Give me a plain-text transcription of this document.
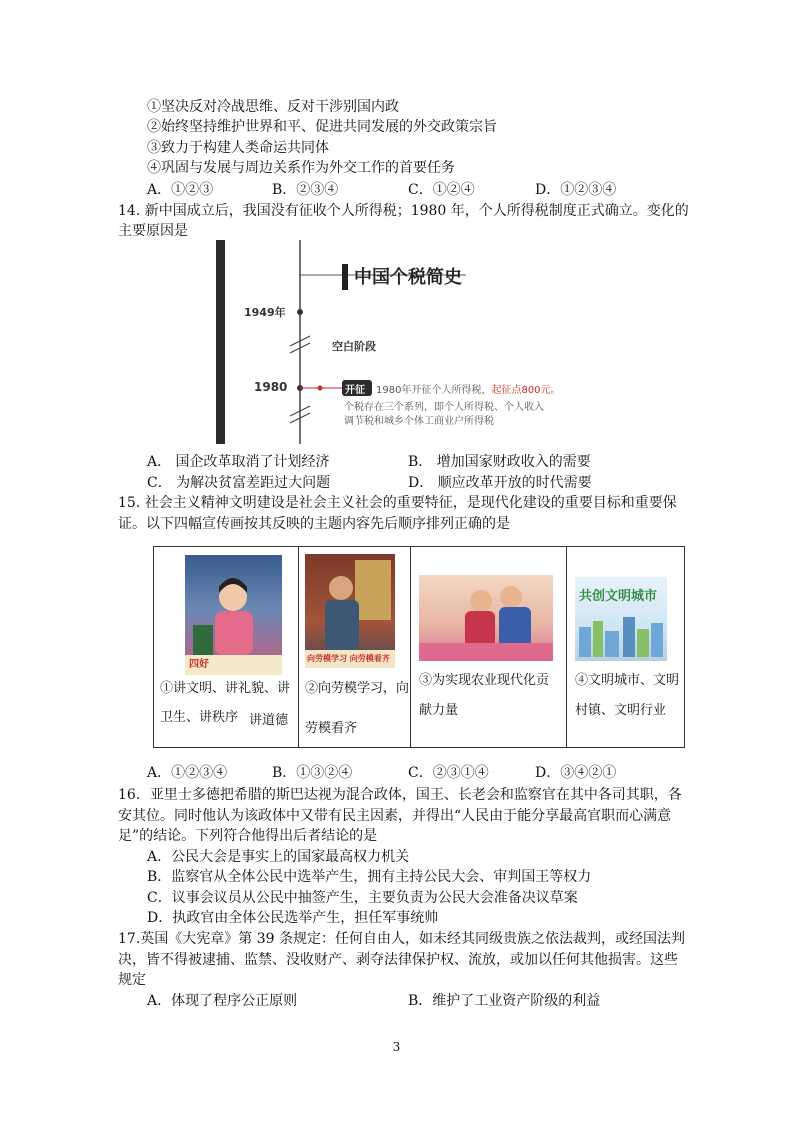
①坚决反对冷战思维、反对干涉别国内政
②始终坚持维护世界和平、促进共同发展的外交政策宗旨
③致力于构建人类命运共同体
④巩固与发展与周边关系作为外交工作的首要任务
A．①②③	B．②③④	C．①②④	D．①②③④
14. 新中国成立后，我国没有征收个人所得税；1980 年，个人所得税制度正式确立。变化的
主要原因是
中国个税简史
1949年
空白阶段
1980	开征 1980年开征个人所得税，起征点800元。
个税存在三个系列，即个人所得税、个人收入
调节税和城乡个体工商业户所得税
A． 国企改革取消了计划经济	B． 增加国家财政收入的需要
C． 为解决贫富差距过大问题	D． 顺应改革开放的时代需要
15. 社会主义精神文明建设是社会主义社会的重要特征，是现代化建设的重要目标和重要保
证。以下四幅宣传画按其反映的主题内容先后顺序排列正确的是
四好
①讲文明、讲礼貌、讲
卫生、讲秩序 讲道德
向劳模学习 向劳模看齐
②向劳模学习，向
劳模看齐
③为实现农业现代化贡
献力量
共创文明城市
④文明城市、文明
村镇、文明行业
A．①②③④	B．①③②④	C．②③①④	D．③④②①
16．亚里士多德把希腊的斯巴达视为混合政体，国王、长老会和监察官在其中各司其职，各
安其位。同时他认为该政体中又带有民主因素，并得出“人民由于能分享最高官职而心满意
足”的结论。下列符合他得出后者结论的是
A．公民大会是事实上的国家最高权力机关
B．监察官从全体公民中选举产生，拥有主持公民大会、审判国王等权力
C．议事会议员从公民中抽签产生，主要负责为公民大会准备决议草案
D．执政官由全体公民选举产生，担任军事统帅
17.英国《大宪章》第 39 条规定：任何自由人，如未经其同级贵族之依法裁判，或经国法判
决，皆不得被逮捕、监禁、没收财产、剥夺法律保护权、流放，或加以任何其他损害。这些
规定
A．体现了程序公正原则	B．维护了工业资产阶级的利益
3
